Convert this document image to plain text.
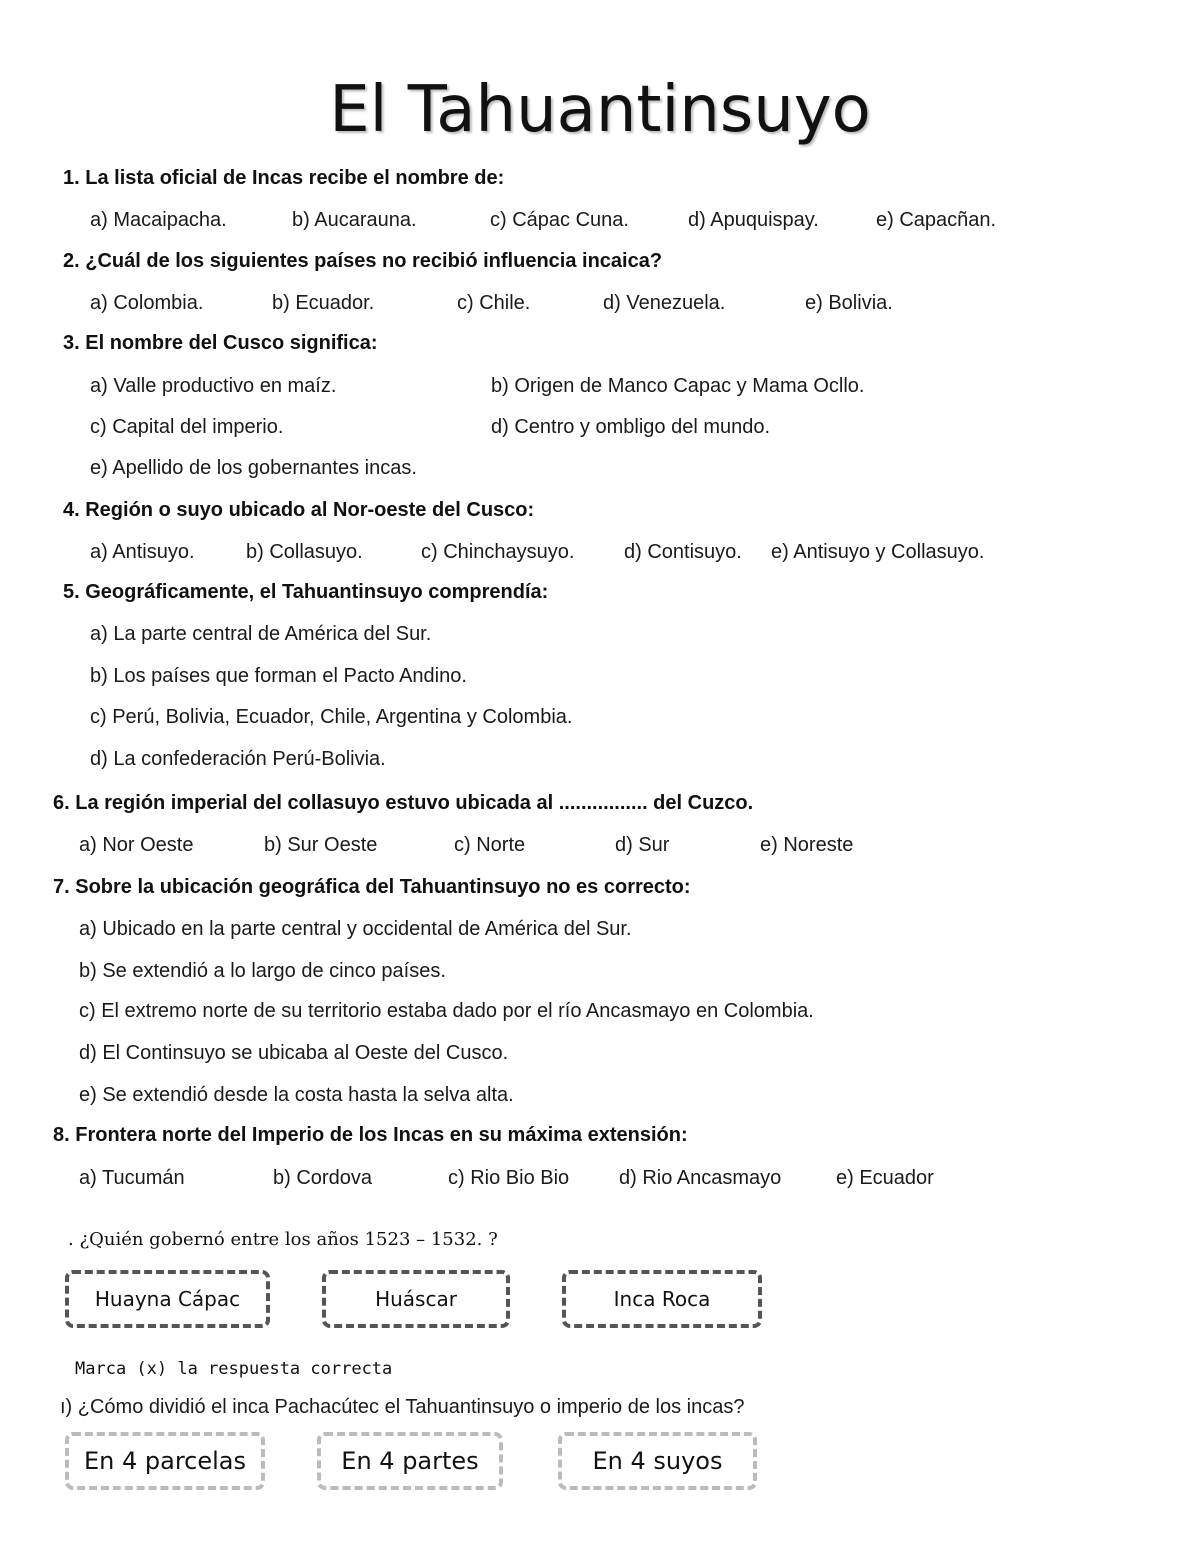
El Tahuantinsuyo
1. La lista oficial de Incas recibe el nombre de:
a) Macaipacha.	b) Aucarauna.	c) Cápac Cuna.	d) Apuquispay.	e) Capacñan.
2. ¿Cuál de los siguientes países no recibió influencia incaica?
a) Colombia.	b) Ecuador.	c) Chile.	d) Venezuela.	e) Bolivia.
3. El nombre del Cusco significa:
a) Valle productivo en maíz.	b) Origen de Manco Capac y Mama Ocllo.
c) Capital del imperio.	d) Centro y ombligo del mundo.
e) Apellido de los gobernantes incas.
4. Región o suyo ubicado al Nor-oeste del Cusco:
a) Antisuyo.	b) Collasuyo.	c) Chinchaysuyo. d) Contisuyo. e) Antisuyo y Collasuyo.
5. Geográficamente, el Tahuantinsuyo comprendía:
a) La parte central de América del Sur.
b) Los países que forman el Pacto Andino.
c) Perú, Bolivia, Ecuador, Chile, Argentina y Colombia.
d) La confederación Perú-Bolivia.
6. La región imperial del collasuyo estuvo ubicada al ................ del Cuzco.
a) Nor Oeste	b) Sur Oeste	c) Norte	d) Sur	e) Noreste
7. Sobre la ubicación geográfica del Tahuantinsuyo no es correcto:
a) Ubicado en la parte central y occidental de América del Sur.
b) Se extendió a lo largo de cinco países.
c) El extremo norte de su territorio estaba dado por el río Ancasmayo en Colombia.
d) El Continsuyo se ubicaba al Oeste del Cusco.
e) Se extendió desde la costa hasta la selva alta.
8. Frontera norte del Imperio de los Incas en su máxima extensión:
a) Tucumán	b) Cordova	c) Rio Bio Bio d) Rio Ancasmayo	e) Ecuador
. ¿Quién gobernó entre los años 1523 – 1532. ?
Marca (x) la respuesta correcta
ı) ¿Cómo dividió el inca Pachacútec el Tahuantinsuyo o imperio de los incas?
Huayna Cápac	Huáscar	Inca Roca
En 4 parcelas	En 4 partes	En 4 suyos
